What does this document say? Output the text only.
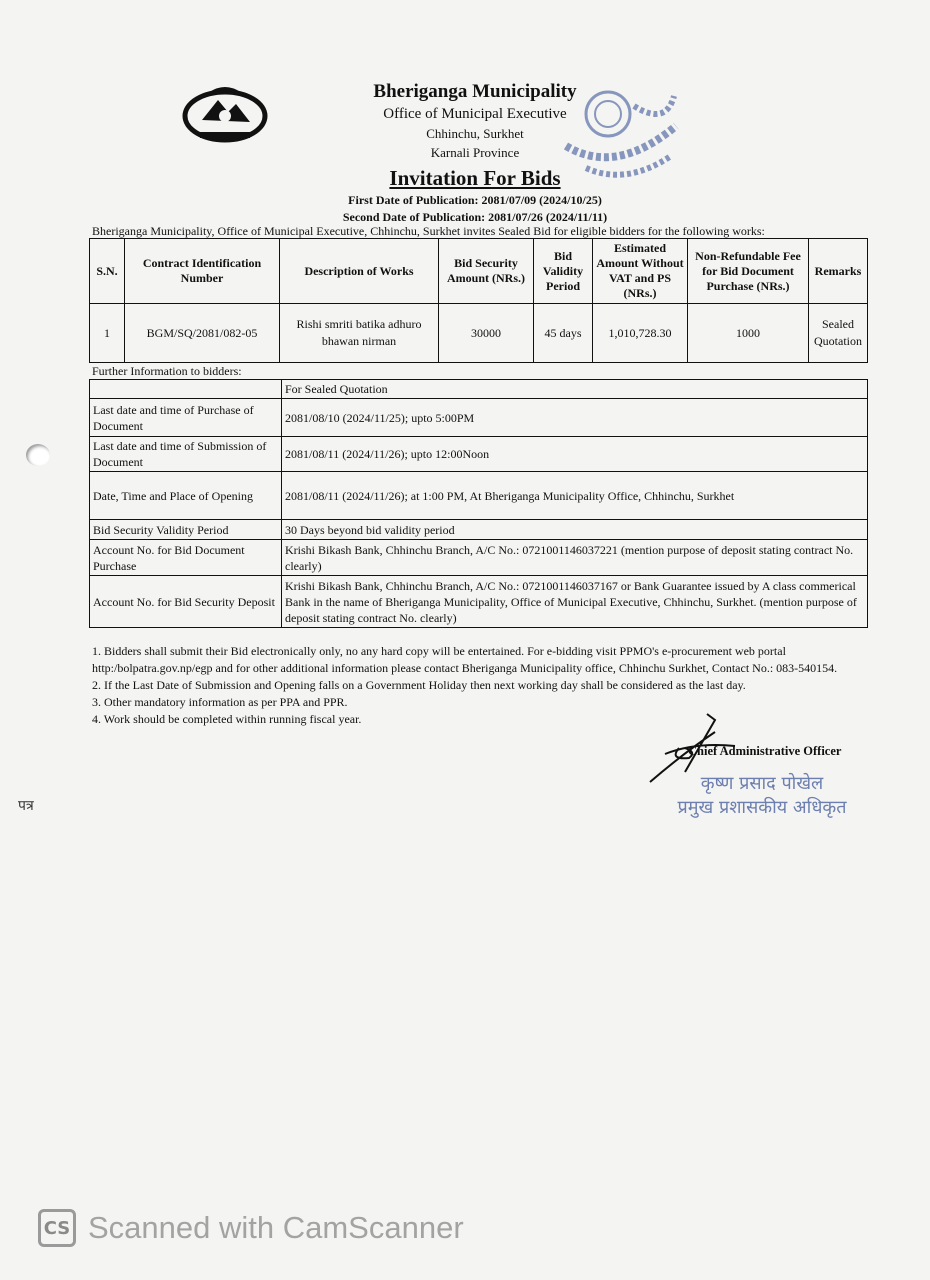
Bheriganga Municipality
Office of Municipal Executive
Chhinchu, Surkhet
Karnali Province
Invitation For Bids
First Date of Publication: 2081/07/09 (2024/10/25)
Second Date of Publication: 2081/07/26 (2024/11/11)
Bheriganga Municipality, Office of Municipal Executive, Chhinchu, Surkhet invites Sealed Bid for eligible bidders for the following works:
S.N.	Contract Identification Number	Description of Works	Bid Security Amount (NRs.)	Bid Validity Period	Estimated Amount Without VAT and PS (NRs.)	Non-Refundable Fee for Bid Document Purchase (NRs.)	Remarks
1	BGM/SQ/2081/082-05	Rishi smriti batika adhuro bhawan nirman	30000	45 days	1,010,728.30	1000	Sealed Quotation
Further Information to bidders:
	For Sealed Quotation
Last date and time of Purchase of Document	2081/08/10 (2024/11/25); upto 5:00PM
Last date and time of Submission of Document	2081/08/11 (2024/11/26); upto 12:00Noon
Date, Time and Place of Opening	2081/08/11 (2024/11/26); at 1:00 PM, At Bheriganga Municipality Office, Chhinchu, Surkhet
Bid Security Validity Period	30 Days beyond bid validity period
Account No. for Bid Document Purchase	Krishi Bikash Bank, Chhinchu Branch, A/C No.: 0721001146037221 (mention purpose of deposit stating contract No. clearly)
Account No. for Bid Security Deposit	Krishi Bikash Bank, Chhinchu Branch, A/C No.: 0721001146037167 or Bank Guarantee issued by A class commerical Bank in the name of Bheriganga Municipality, Office of Municipal Executive, Chhinchu, Surkhet. (mention purpose of deposit stating contract No. clearly)

1. Bidders shall submit their Bid electronically only, no any hard copy will be entertained. For e-bidding visit PPMO's e-procurement web portal http:/bolpatra.gov.np/egp and for other additional information please contact Bheriganga Municipality office, Chhinchu Surkhet, Contact No.: 083-540154.

2. If the Last Date of Submission and Opening falls on a Government Holiday then next working day shall be considered as the last day.

3. Other mandatory information as per PPA and PPR.

4. Work should be completed within running fiscal year.

Chief Administrative Officer
कृष्ण प्रसाद पोखेल
प्रमुख प्रशासकीय अधिकृत
पत्र
CS Scanned with CamScanner
